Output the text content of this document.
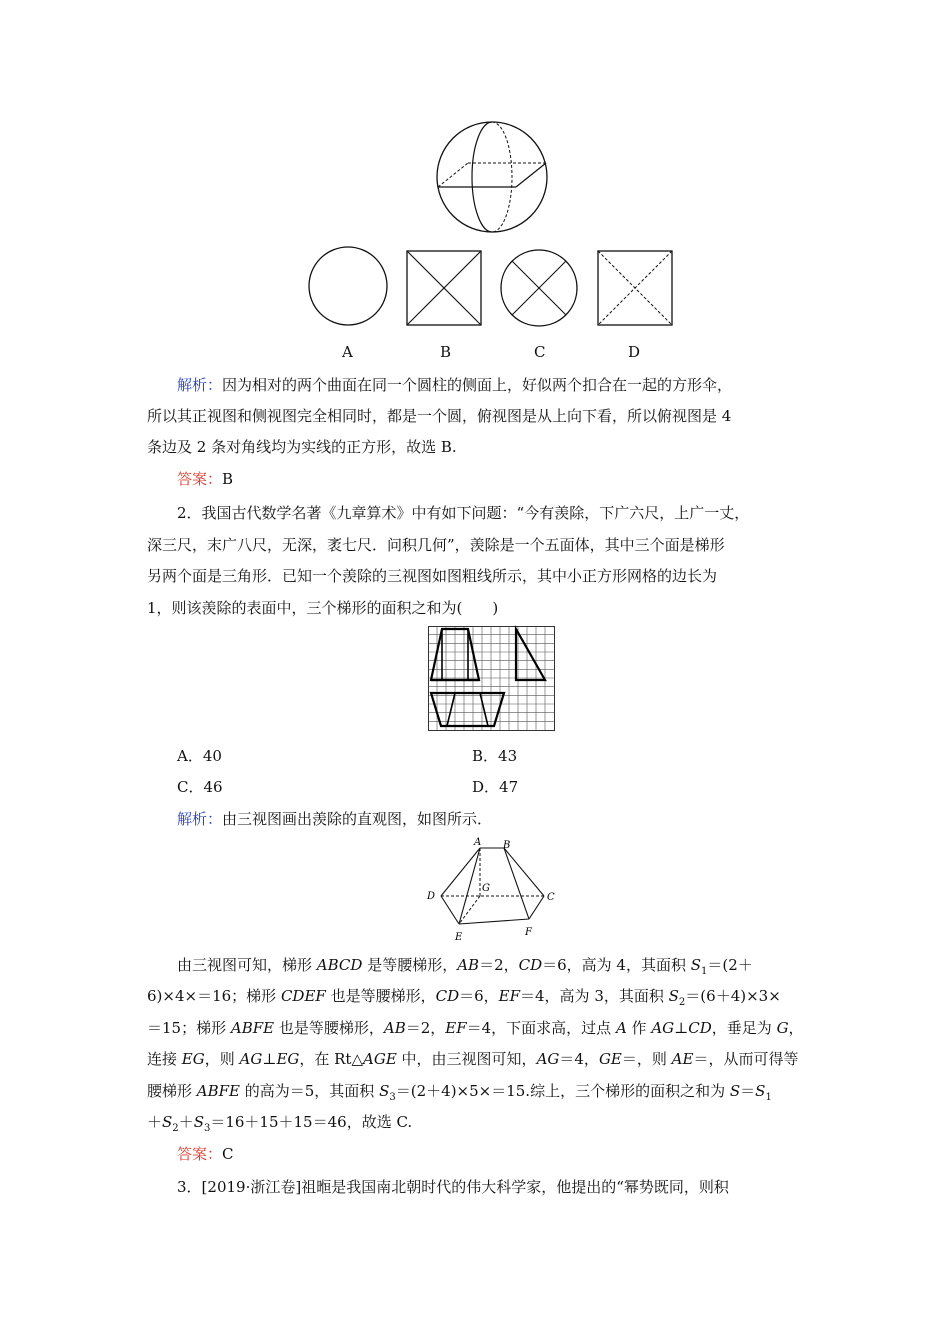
A	B	C	D
解析：因为相对的两个曲面在同一个圆柱的侧面上，好似两个扣合在一起的方形伞，
所以其正视图和侧视图完全相同时，都是一个圆，俯视图是从上向下看，所以俯视图是 4
条边及 2 条对角线均为实线的正方形，故选 B.
答案：B
2．我国古代数学名著《九章算术》中有如下问题：“今有羡除，下广六尺，上广一丈，
深三尺，末广八尺，无深，袤七尺．问积几何”，羡除是一个五面体，其中三个面是梯形
另两个面是三角形．已知一个羡除的三视图如图粗线所示，其中小正方形网格的边长为
1，则该羡除的表面中，三个梯形的面积之和为(　　)
A．40	B．43
C．46	D．47
解析：由三视图画出羡除的直观图，如图所示．
A B
G
D	C
E	F
由三视图可知，梯形 ABCD 是等腰梯形，AB＝2，CD＝6，高为 4，其面积 $S_1=(2+$
6)×4×＝16；梯形 CDEF 也是等腰梯形，CD＝6，EF＝4，高为 3，其面积 $S_2=(6+4)\times 3\times$
＝15；梯形 ABFE 也是等腰梯形，AB＝2，EF＝4，下面求高，过点 A 作 AG⊥CD，垂足为 G，
连接 EG，则 AG⊥EG，在 Rt△AGE 中，由三视图可知，AG＝4，GE＝，则 AE＝，从而可得等
腰梯形 ABFE 的高为＝5，其面积 $S_3=(2+4)\times 5\times=15$.综上，三个梯形的面积之和为 $S=S_1$
$+S_2+S_3=16+15+15=46$，故选 C.
答案：C
3．[2019·浙江卷]祖暅是我国南北朝时代的伟大科学家，他提出的“幂势既同，则积
